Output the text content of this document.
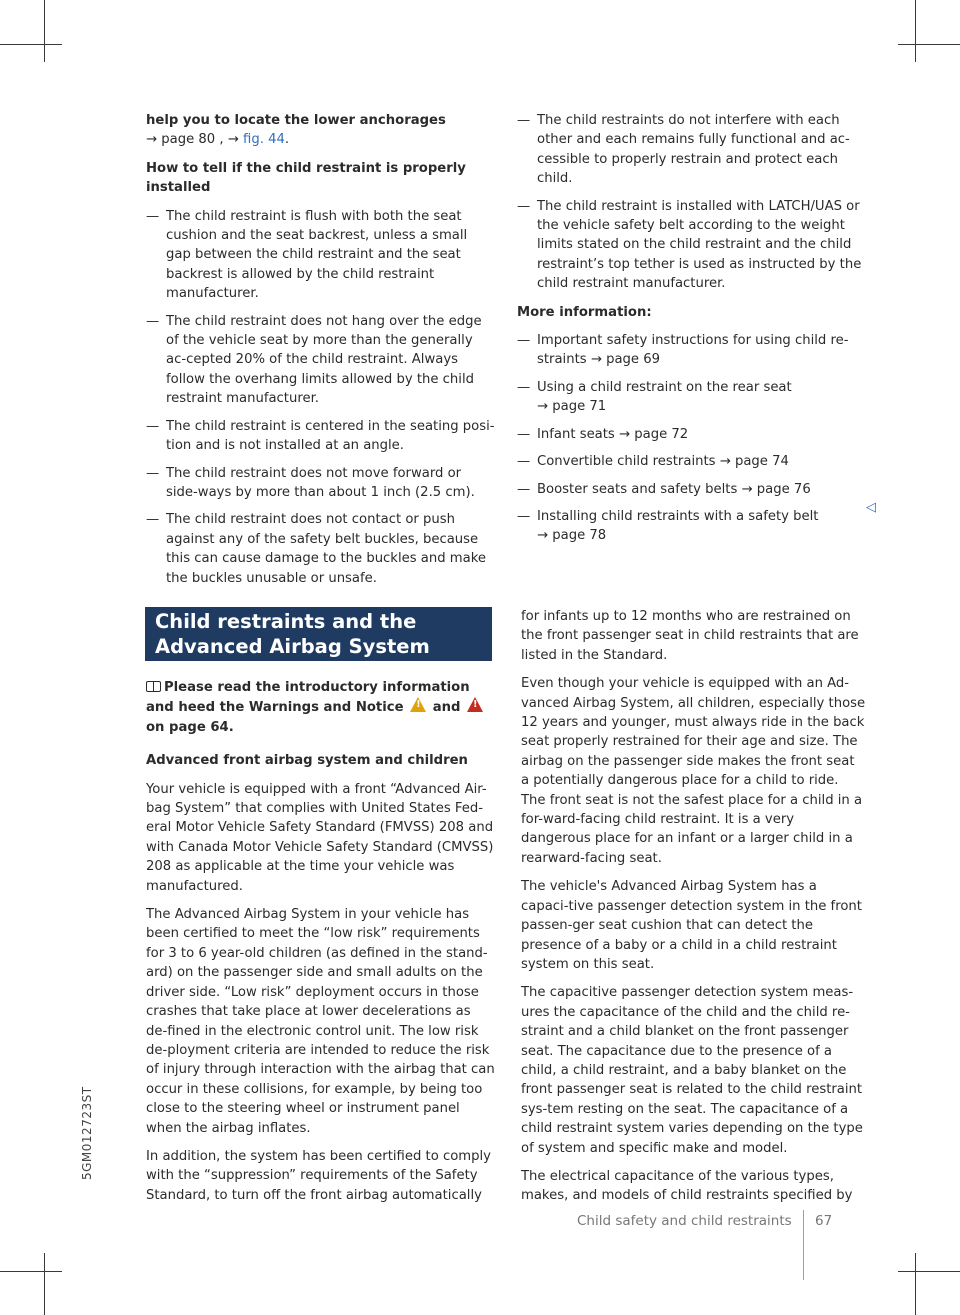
help you to locate the lower anchorages
→ page 80 , → fig. 44.

How to tell if the child restraint is properly installed

— The child restraint is flush with both the seat cushion and the seat backrest, unless a small gap between the child restraint and the seat backrest is allowed by the child restraint manufacturer.
— The child restraint does not hang over the edge of the vehicle seat by more than the generally ac-cepted 20% of the child restraint. Always follow the overhang limits allowed by the child restraint manufacturer.
— The child restraint is centered in the seating posi-tion and is not installed at an angle.
— The child restraint does not move forward or side-ways by more than about 1 inch (2.5 cm).
— The child restraint does not contact or push against any of the safety belt buckles, because this can cause damage to the buckles and make the buckles unusable or unsafe.
— The child restraints do not interfere with each other and each remains fully functional and ac-cessible to properly restrain and protect each child.
— The child restraint is installed with LATCH/UAS or the vehicle safety belt according to the weight limits stated on the child restraint and the child restraint’s top tether is used as instructed by the child restraint manufacturer.

More information:

— Important safety instructions for using child re-straints → page 69
— Using a child restraint on the rear seat
→ page 71
— Infant seats → page 72
— Convertible child restraints → page 74
— Booster seats and safety belts → page 76
— Installing child restraints with a safety belt
→ page 78
◁
Child restraints and the Advanced Airbag System

Please read the introductory information and heed the Warnings and Notice ! and ! on page 64.

Advanced front airbag system and children

Your vehicle is equipped with a front “Advanced Air-bag System” that complies with United States Fed-eral Motor Vehicle Safety Standard (FMVSS) 208 and with Canada Motor Vehicle Safety Standard (CMVSS) 208 as applicable at the time your vehicle was manufactured.

The Advanced Airbag System in your vehicle has been certified to meet the “low risk” requirements for 3 to 6 year-old children (as defined in the stand-ard) on the passenger side and small adults on the driver side. “Low risk” deployment occurs in those crashes that take place at lower decelerations as de-fined in the electronic control unit. The low risk de-ployment criteria are intended to reduce the risk of injury through interaction with the airbag that can occur in these collisions, for example, by being too close to the steering wheel or instrument panel when the airbag inflates.

In addition, the system has been certified to comply with the “suppression” requirements of the Safety Standard, to turn off the front airbag automatically

for infants up to 12 months who are restrained on the front passenger seat in child restraints that are listed in the Standard.

Even though your vehicle is equipped with an Ad-vanced Airbag System, all children, especially those 12 years and younger, must always ride in the back seat properly restrained for their age and size. The airbag on the passenger side makes the front seat a potentially dangerous place for a child to ride. The front seat is not the safest place for a child in a for-ward-facing child restraint. It is a very dangerous place for an infant or a larger child in a rearward-facing seat.

The vehicle's Advanced Airbag System has a capaci-tive passenger detection system in the front passen-ger seat cushion that can detect the presence of a baby or a child in a child restraint system on this seat.

The capacitive passenger detection system meas-ures the capacitance of the child and the child re-straint and a child blanket on the front passenger seat. The capacitance due to the presence of a child, a child restraint, and a baby blanket on the front passenger seat is related to the child restraint sys-tem resting on the seat. The capacitance of a child restraint system varies depending on the type of system and specific make and model.

The electrical capacitance of the various types, makes, and models of child restraints specified by

5GM012723ST
Child safety and child restraints 67
